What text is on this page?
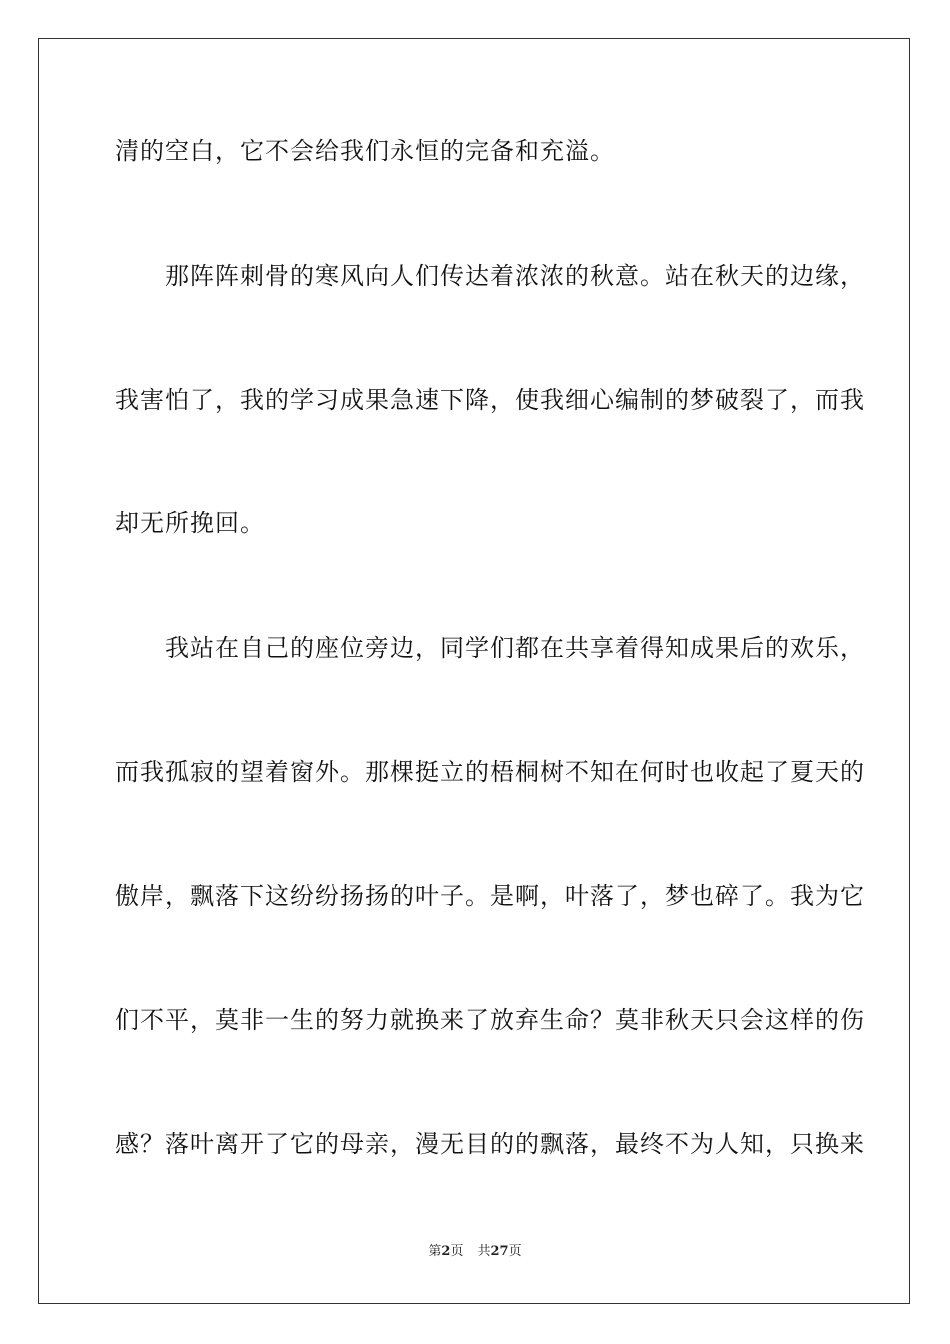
清的空白，它不会给我们永恒的完备和充溢。
那阵阵刺骨的寒风向人们传达着浓浓的秋意。站在秋天的边缘，
我害怕了，我的学习成果急速下降，使我细心编制的梦破裂了，而我
却无所挽回。
我站在自己的座位旁边，同学们都在共享着得知成果后的欢乐，
而我孤寂的望着窗外。那棵挺立的梧桐树不知在何时也收起了夏天的
傲岸，飘落下这纷纷扬扬的叶子。是啊，叶落了，梦也碎了。我为它
们不平，莫非一生的努力就换来了放弃生命？莫非秋天只会这样的伤
感？落叶离开了它的母亲，漫无目的的飘落，最终不为人知，只换来
第2页 共27页
